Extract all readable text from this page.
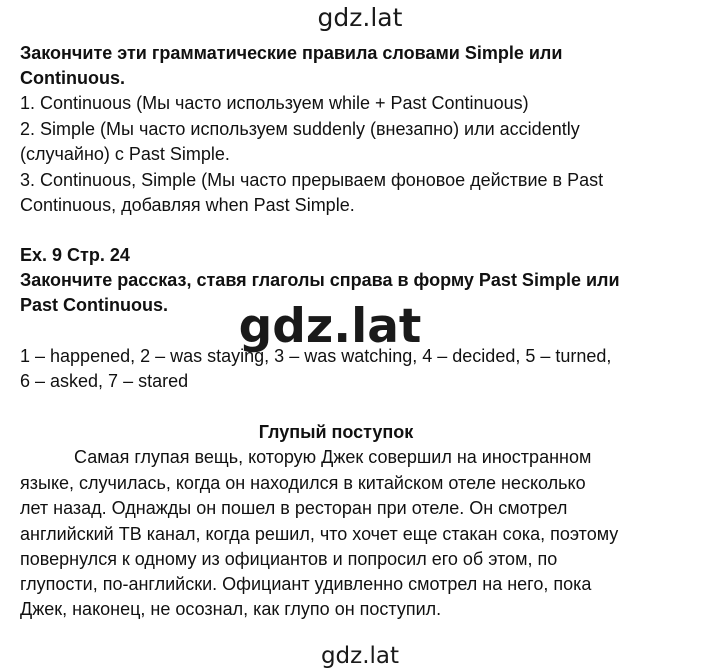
gdz.lat
Закончите эти грамматические правила словами Simple или
Continuous.
1. Continuous (Мы часто используем while + Past Continuous)
2. Simple (Мы часто используем suddenly (внезапно) или accidently
(случайно) с Past Simple.
3. Continuous, Simple (Мы часто прерываем фоновое действие в Past
Continuous, добавляя when Past Simple.
Ex. 9 Стр. 24
Закончите рассказ, ставя глаголы справа в форму Past Simple или
Past Continuous.	gdz.lat
1 – happened, 2 – was staying, 3 – was watching, 4 – decided, 5 – turned,
6 – asked, 7 – stared
Глупый поступок
Самая глупая вещь, которую Джек совершил на иностранном
языке, случилась, когда он находился в китайском отеле несколько
лет назад. Однажды он пошел в ресторан при отеле. Он смотрел
английский ТВ канал, когда решил, что хочет еще стакан сока, поэтому
повернулся к одному из официантов и попросил его об этом, по
глупости, по-английски. Официант удивленно смотрел на него, пока
Джек, наконец, не осознал, как глупо он поступил.
gdz.lat
